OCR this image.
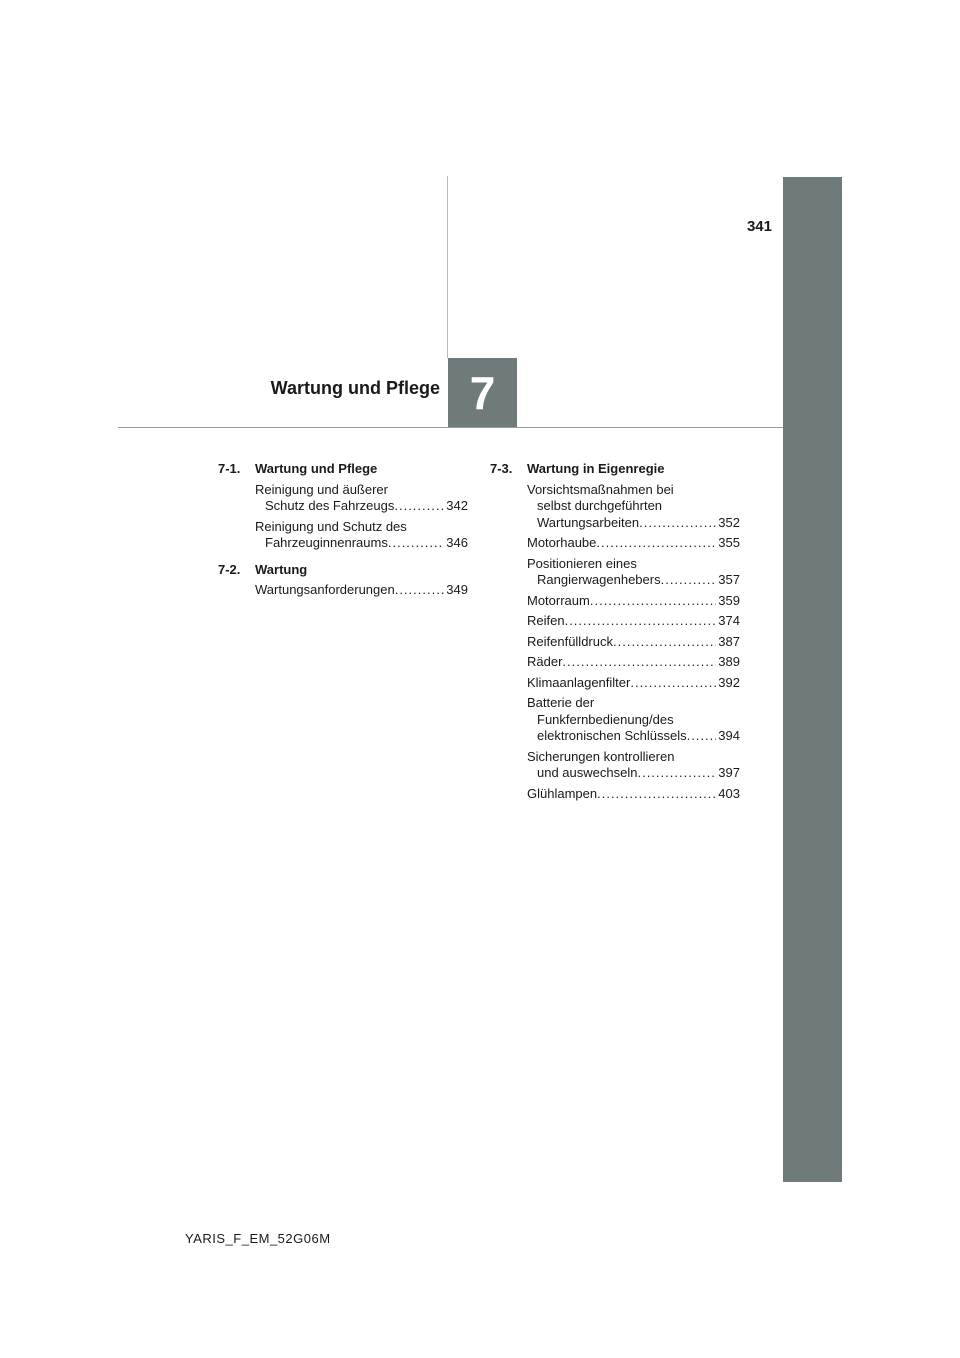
341
7
Wartung und Pflege
7-1.	Wartung und Pflege
Reinigung und äußerer
Schutz des Fahrzeugs .....	342
Reinigung und Schutz des
Fahrzeuginnenraums .....	346
7-2.	Wartung
Wartungsanforderungen .....	349
7-3.	Wartung in Eigenregie
Vorsichtsmaßnahmen bei
selbst durchgeführten
Wartungsarbeiten .....	352
Motorhaube .....	355
Positionieren eines
Rangierwagenhebers .....	357
Motorraum .....	359
Reifen .....	374
Reifenfülldruck .....	387
Räder .....	389
Klimaanlagenfilter .....	392
Batterie der
Funkfernbedienung/des
elektronischen Schlüssels ..... 394
Sicherungen kontrollieren
und auswechseln .....	397
Glühlampen .....	403
YARIS_F_EM_52G06M
